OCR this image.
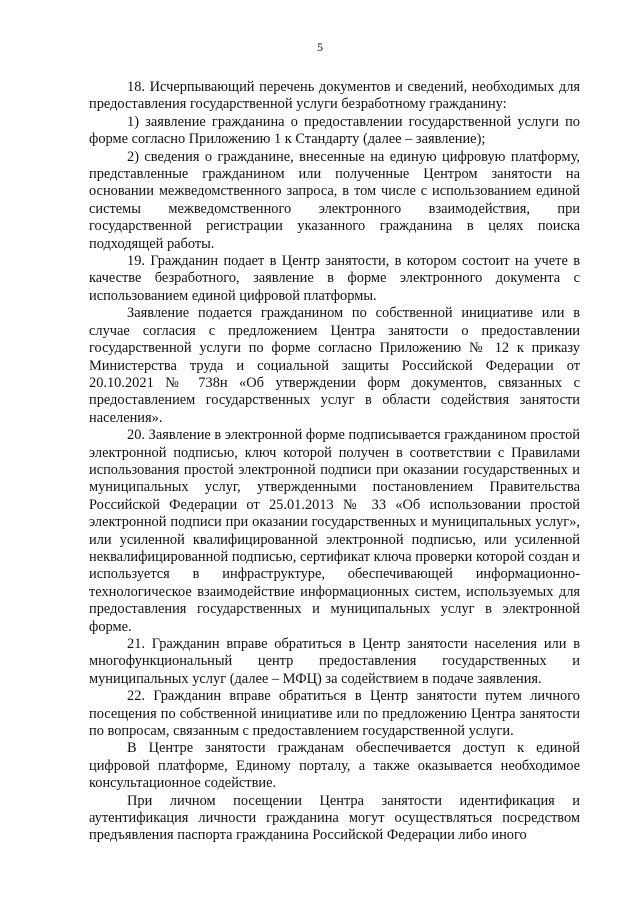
5

18. Исчерпывающий перечень документов и сведений, необходимых для предоставления государственной услуги безработному гражданину:

1) заявление гражданина о предоставлении государственной услуги по форме согласно Приложению 1 к Стандарту (далее – заявление);

2) сведения о гражданине, внесенные на единую цифровую платформу, представленные гражданином или полученные Центром занятости на основании межведомственного запроса, в том числе с использованием единой системы межведомственного электронного взаимодействия, при государственной регистрации указанного гражданина в целях поиска подходящей работы.

19. Гражданин подает в Центр занятости, в котором состоит на учете в качестве безработного, заявление в форме электронного документа с использованием единой цифровой платформы.

Заявление подается гражданином по собственной инициативе или в случае согласия с предложением Центра занятости о предоставлении государственной услуги по форме согласно Приложению № 12 к приказу Министерства труда и социальной защиты Российской Федерации от 20.10.2021 № 738н «Об утверждении форм документов, связанных с предоставлением государственных услуг в области содействия занятости населения».

20. Заявление в электронной форме подписывается гражданином простой электронной подписью, ключ которой получен в соответствии с Правилами использования простой электронной подписи при оказании государственных и муниципальных услуг, утвержденными постановлением Правительства Российской Федерации от 25.01.2013 № 33 «Об использовании простой электронной подписи при оказании государственных и муниципальных услуг», или усиленной квалифицированной электронной подписью, или усиленной неквалифицированной подписью, сертификат ключа проверки которой создан и используется в инфраструктуре, обеспечивающей информационно-технологическое взаимодействие информационных систем, используемых для предоставления государственных и муниципальных услуг в электронной форме.

21. Гражданин вправе обратиться в Центр занятости населения или в многофункциональный центр предоставления государственных и муниципальных услуг (далее – МФЦ) за содействием в подаче заявления.

22. Гражданин вправе обратиться в Центр занятости путем личного посещения по собственной инициативе или по предложению Центра занятости по вопросам, связанным с предоставлением государственной услуги.

В Центре занятости гражданам обеспечивается доступ к единой цифровой платформе, Единому порталу, а также оказывается необходимое консультационное содействие.

При личном посещении Центра занятости идентификация и аутентификация личности гражданина могут осуществляться посредством предъявления паспорта гражданина Российской Федерации либо иного
